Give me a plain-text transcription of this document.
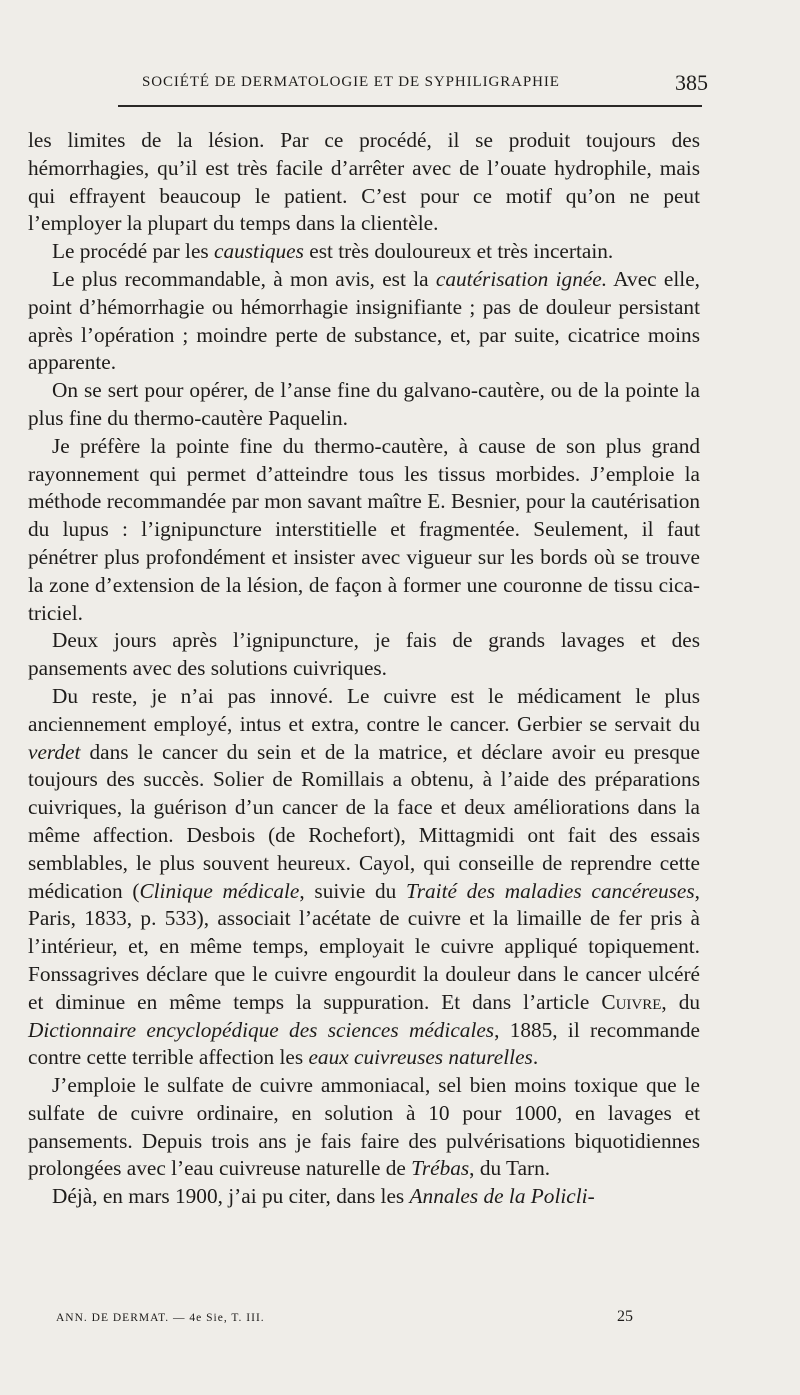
SOCIÉTÉ DE DERMATOLOGIE ET DE SYPHILIGRAPHIE	385

les limites de la lésion. Par ce procédé, il se produit toujours des hémorrhagies, qu’il est très facile d’arrêter avec de l’ouate hydrophile, mais qui effrayent beaucoup le patient. C’est pour ce motif qu’on ne peut l’employer la plupart du temps dans la clientèle.

Le procédé par les caustiques est très douloureux et très incertain.

Le plus recommandable, à mon avis, est la cautérisation ignée. Avec elle, point d’hémorrhagie ou hémorrhagie insignifiante ; pas de douleur persistant après l’opération ; moindre perte de substance, et, par suite, cicatrice moins apparente.

On se sert pour opérer, de l’anse fine du galvano-cautère, ou de la pointe la plus fine du thermo-cautère Paquelin.

Je préfère la pointe fine du thermo-cautère, à cause de son plus grand rayonnement qui permet d’atteindre tous les tissus morbides. J’emploie la méthode recommandée par mon savant maître E. Besnier, pour la cautérisation du lupus : l’ignipuncture interstitielle et fragmentée. Seulement, il faut pénétrer plus profondément et insister avec vigueur sur les bords où se trouve la zone d’extension de la lésion, de façon à former une couronne de tissu cicatriciel.

Deux jours après l’ignipuncture, je fais de grands lavages et des pansements avec des solutions cuivriques.

Du reste, je n’ai pas innové. Le cuivre est le médicament le plus anciennement employé, intus et extra, contre le cancer. Gerbier se servait du verdet dans le cancer du sein et de la matrice, et déclare avoir eu presque toujours des succès. Solier de Romillais a obtenu, à l’aide des préparations cuivriques, la guérison d’un cancer de la face et deux améliorations dans la même affection. Desbois (de Rochefort), Mittagmidi ont fait des essais semblables, le plus souvent heureux. Cayol, qui conseille de reprendre cette médication (Clinique médicale, suivie du Traité des maladies cancéreuses, Paris, 1833, p. 533), associait l’acétate de cuivre et la limaille de fer pris à l’intérieur, et, en même temps, employait le cuivre appliqué topiquement. Fonssagrives déclare que le cuivre engourdit la douleur dans le cancer ulcéré et diminue en même temps la suppuration. Et dans l’article Cuivre, du Dictionnaire encyclopédique des sciences médicales, 1885, il recommande contre cette terrible affection les eaux cuivreuses naturelles.

J’emploie le sulfate de cuivre ammoniacal, sel bien moins toxique que le sulfate de cuivre ordinaire, en solution à 10 pour 1000, en lavages et pansements. Depuis trois ans je fais faire des pulvérisations biquotidiennes prolongées avec l’eau cuivreuse naturelle de Trébas, du Tarn.

Déjà, en mars 1900, j’ai pu citer, dans les Annales de la Policli-

ANN. DE DERMAT. — 4e Sie, T. III.	25
